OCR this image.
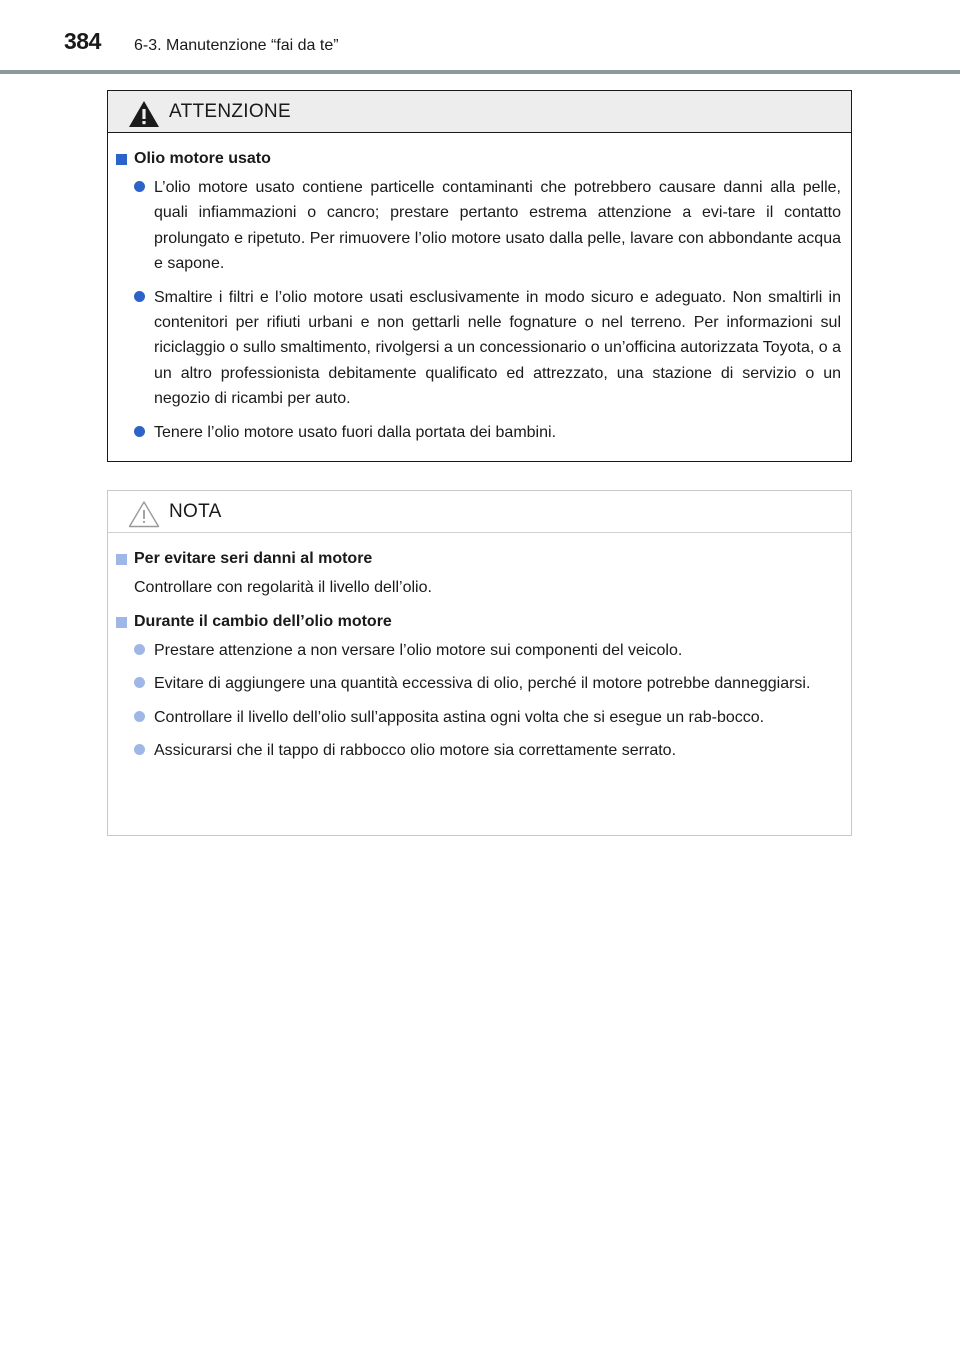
384 6-3. Manutenzione “fai da te”
ATTENZIONE
Olio motore usato
L’olio motore usato contiene particelle contaminanti che potrebbero causare danni alla pelle, quali infiammazioni o cancro; prestare pertanto estrema attenzione a evi-tare il contatto prolungato e ripetuto. Per rimuovere l’olio motore usato dalla pelle, lavare con abbondante acqua e sapone.
Smaltire i filtri e l’olio motore usati esclusivamente in modo sicuro e adeguato. Non smaltirli in contenitori per rifiuti urbani e non gettarli nelle fognature o nel terreno. Per informazioni sul riciclaggio o sullo smaltimento, rivolgersi a un concessionario o un’officina autorizzata Toyota, o a un altro professionista debitamente qualificato ed attrezzato, una stazione di servizio o un negozio di ricambi per auto.
Tenere l’olio motore usato fuori dalla portata dei bambini.
NOTA
Per evitare seri danni al motore
Controllare con regolarità il livello dell’olio.
Durante il cambio dell’olio motore
Prestare attenzione a non versare l’olio motore sui componenti del veicolo.
Evitare di aggiungere una quantità eccessiva di olio, perché il motore potrebbe danneggiarsi.
Controllare il livello dell’olio sull’apposita astina ogni volta che si esegue un rab-bocco.
Assicurarsi che il tappo di rabbocco olio motore sia correttamente serrato.
